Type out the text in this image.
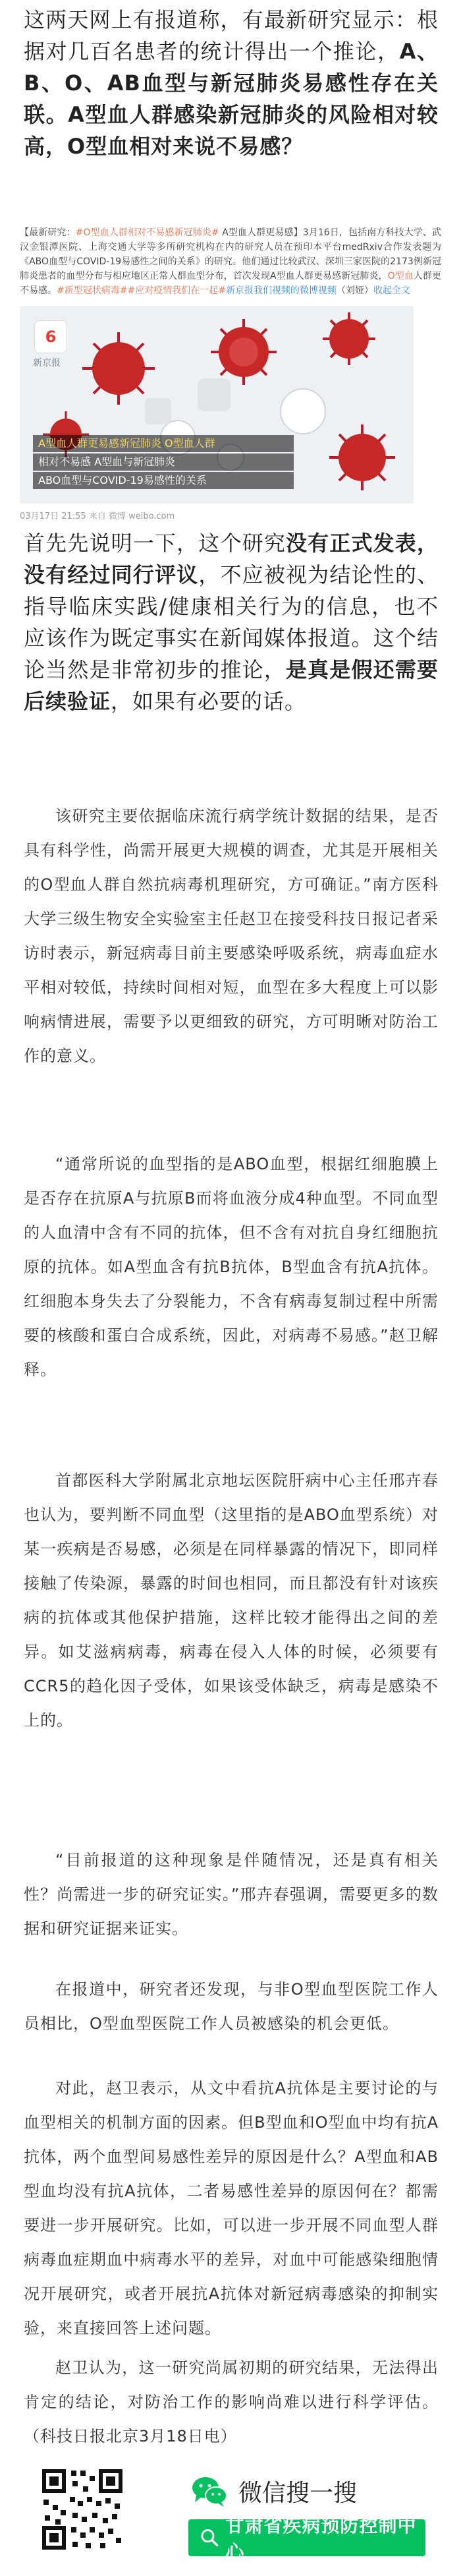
这两天网上有报道称，有最新研究显示：根据对几百名患者的统计得出一个推论，A、B、O、AB血型与新冠肺炎易感性存在关联。A型血人群感染新冠肺炎的风险相对较高，O型血相对来说不易感？

【最新研究：#O型血人群相对不易感新冠肺炎# A型血人群更易感】3月16日，包括南方科技大学、武汉金银潭医院、上海交通大学等多所研究机构在内的研究人员在预印本平台medRxiv合作发表题为《ABO血型与COVID-19易感性之间的关系》的研究。他们通过比较武汉、深圳三家医院的2173例新冠肺炎患者的血型分布与相应地区正常人群血型分布，首次发现A型血人群更易感新冠肺炎，O型血人群更不易感。#新型冠状病毒##应对疫情我们在一起#新京报我们视频的微博视频（刘娅）收起全文

6
新京报
A型血人群更易感新冠肺炎 O型血人群
相对不易感 A型血与新冠肺炎
ABO血型与COVID-19易感性的关系
03月17日 21:55 来自 微博 weibo.com

首先先说明一下，这个研究没有正式发表，没有经过同行评议，不应被视为结论性的、指导临床实践/健康相关行为的信息，也不应该作为既定事实在新闻媒体报道。这个结论当然是非常初步的推论，是真是假还需要后续验证，如果有必要的话。

该研究主要依据临床流行病学统计数据的结果，是否具有科学性，尚需开展更大规模的调查，尤其是开展相关的O型血人群自然抗病毒机理研究，方可确证。”南方医科大学三级生物安全实验室主任赵卫在接受科技日报记者采访时表示，新冠病毒目前主要感染呼吸系统，病毒血症水平相对较低，持续时间相对短，血型在多大程度上可以影响病情进展，需要予以更细致的研究，方可明晰对防治工作的意义。

“通常所说的血型指的是ABO血型，根据红细胞膜上是否存在抗原A与抗原B而将血液分成4种血型。不同血型的人血清中含有不同的抗体，但不含有对抗自身红细胞抗原的抗体。如A型血含有抗B抗体，B型血含有抗A抗体。红细胞本身失去了分裂能力，不含有病毒复制过程中所需要的核酸和蛋白合成系统，因此，对病毒不易感。”赵卫解释。

首都医科大学附属北京地坛医院肝病中心主任邢卉春也认为，要判断不同血型（这里指的是ABO血型系统）对某一疾病是否易感，必须是在同样暴露的情况下，即同样接触了传染源，暴露的时间也相同，而且都没有针对该疾病的抗体或其他保护措施，这样比较才能得出之间的差异。如艾滋病病毒，病毒在侵入人体的时候，必须要有CCR5的趋化因子受体，如果该受体缺乏，病毒是感染不上的。

“目前报道的这种现象是伴随情况，还是真有相关性？尚需进一步的研究证实。”邢卉春强调，需要更多的数据和研究证据来证实。

在报道中，研究者还发现，与非O型血型医院工作人员相比，O型血型医院工作人员被感染的机会更低。

对此，赵卫表示，从文中看抗A抗体是主要讨论的与血型相关的机制方面的因素。但B型血和O型血中均有抗A抗体，两个血型间易感性差异的原因是什么？A型血和AB型血均没有抗A抗体，二者易感性差异的原因何在？都需要进一步开展研究。比如，可以进一步开展不同血型人群病毒血症期血中病毒水平的差异，对血中可能感染细胞情况开展研究，或者开展抗A抗体对新冠病毒感染的抑制实验，来直接回答上述问题。

赵卫认为，这一研究尚属初期的研究结果，无法得出肯定的结论，对防治工作的影响尚难以进行科学评估。（科技日报北京3月18日电）

微信搜一搜
甘肃省疾病预防控制中心
